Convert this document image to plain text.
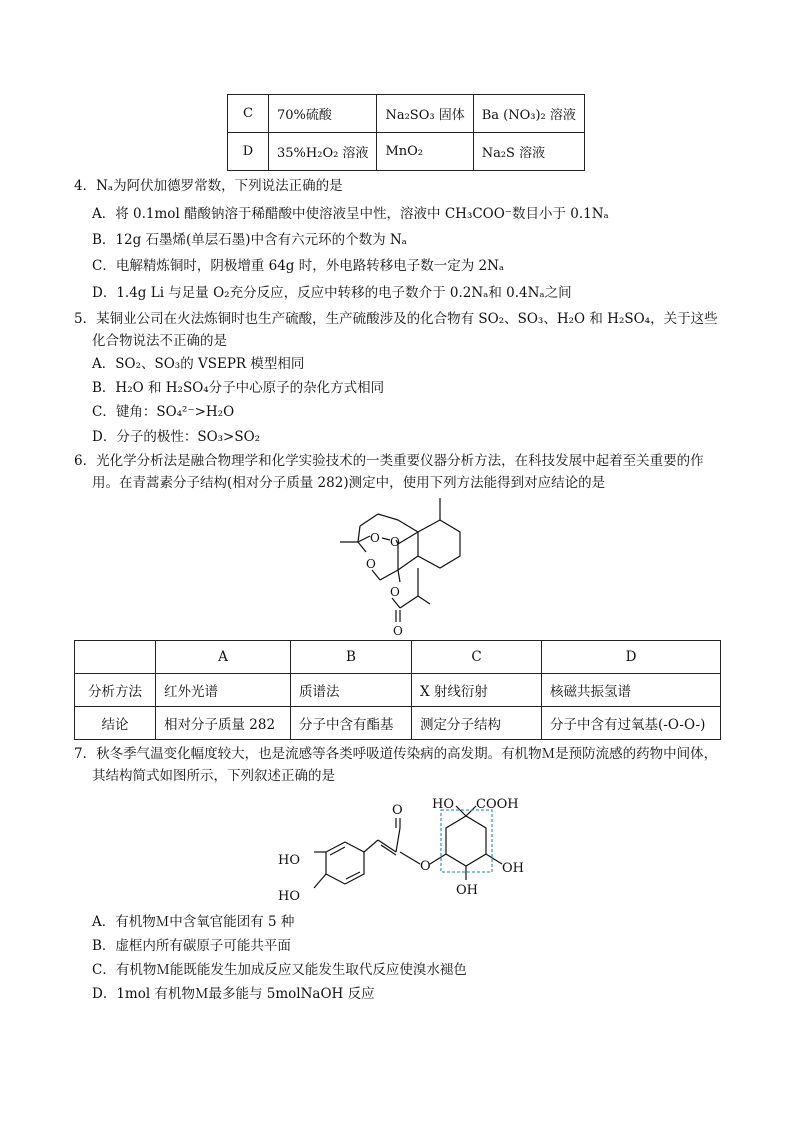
C	70%硫酸	Na₂SO₃ 固体	Ba (NO₃)₂ 溶液
D	35%H₂O₂ 溶液	MnO₂	Na₂S 溶液
4．Nₐ为阿伏加德罗常数，下列说法正确的是
A．将 0.1mol 醋酸钠溶于稀醋酸中使溶液呈中性，溶液中 CH₃COO⁻数目小于 0.1Nₐ
B．12g 石墨烯(单层石墨)中含有六元环的个数为 Nₐ
C．电解精炼铜时，阴极增重 64g 时，外电路转移电子数一定为 2Nₐ
D．1.4g Li 与足量 O₂充分反应，反应中转移的电子数介于 0.2Nₐ和 0.4Nₐ之间
5．某铜业公司在火法炼铜时也生产硫酸，生产硫酸涉及的化合物有 SO₂、SO₃、H₂O 和 H₂SO₄，关于这些
化合物说法不正确的是
A．SO₂、SO₃的 VSEPR 模型相同
B．H₂O 和 H₂SO₄分子中心原子的杂化方式相同
C．键角：SO₄²⁻>H₂O
D．分子的极性：SO₃>SO₂
6．光化学分析法是融合物理学和化学实验技术的一类重要仪器分析方法，在科技发展中起着至关重要的作
用。在青蒿素分子结构(相对分子质量 282)测定中，使用下列方法能得到对应结论的是
O O
O
O
O
	A	B	C	D
分析方法	红外光谱	质谱法	X 射线衍射	核磁共振氢谱
结论	相对分子质量 282	分子中含有酯基	测定分子结构	分子中含有过氧基(-O-O-)
7．秋冬季气温变化幅度较大，也是流感等各类呼吸道传染病的高发期。有机物Ｍ是预防流感的药物中间体，
其结构简式如图所示，下列叙述正确的是
HO
HO
O
O
HO COOH
OH
OH
A．有机物Ｍ中含氧官能团有 5 种
B．虚框内所有碳原子可能共平面
C．有机物Ｍ能既能发生加成反应又能发生取代反应使溴水褪色
D．1mol 有机物Ｍ最多能与 5molNaOH 反应
